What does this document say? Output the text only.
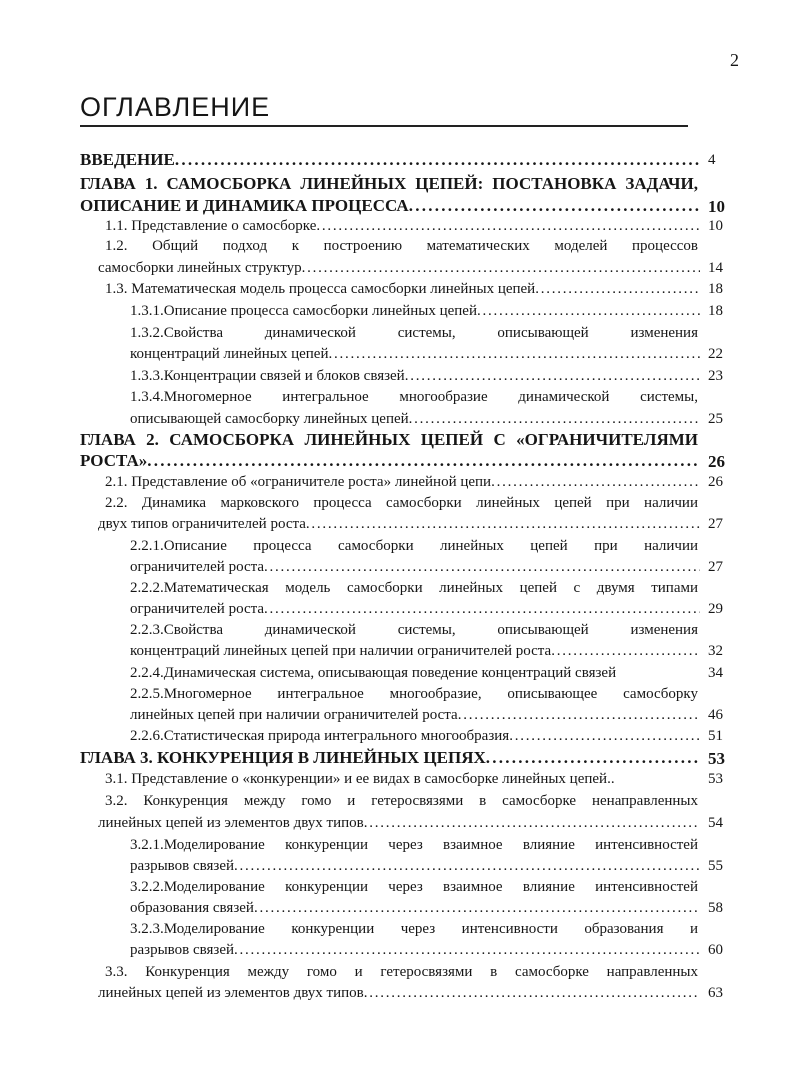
2
ОГЛАВЛЕНИЕ
ВВЕДЕНИЕ . . .	4
ГЛАВА 1. САМОСБОРКА ЛИНЕЙНЫХ ЦЕПЕЙ: ПОСТАНОВКА ЗАДАЧИ,
ОПИСАНИЕ И ДИНАМИКА ПРОЦЕССА . . .	10
1.1. Представление о самосборке . . .	10
1.2. Общий подход к построению математических моделей процессов
самосборки линейных структур . . .	14
1.3. Математическая модель процесса самосборки линейных цепей . . .	18
1.3.1.Описание процесса самосборки линейных цепей . . .	18
1.3.2.Свойства динамической системы, описывающей изменения
концентраций линейных цепей . . .	22
1.3.3.Концентрации связей и блоков связей . . .	23
1.3.4.Многомерное интегральное многообразие динамической системы,
описывающей самосборку линейных цепей . . .	25
ГЛАВА 2. САМОСБОРКА ЛИНЕЙНЫХ ЦЕПЕЙ С «ОГРАНИЧИТЕЛЯМИ
РОСТА» . . .	26
2.1. Представление об «ограничителе роста» линейной цепи . . .	26
2.2. Динамика марковского процесса самосборки линейных цепей при наличии
двух типов ограничителей роста . . .	27
2.2.1.Описание процесса самосборки линейных цепей при наличии
ограничителей роста . . .	27
2.2.2.Математическая модель самосборки линейных цепей с двумя типами
ограничителей роста . . .	29
2.2.3.Свойства динамической системы, описывающей изменения
концентраций линейных цепей при наличии ограничителей роста . . .	32
2.2.4.Динамическая система, описывающая поведение концентраций связей	34
2.2.5.Многомерное интегральное многообразие, описывающее самосборку
линейных цепей при наличии ограничителей роста . . .	46
2.2.6.Статистическая природа интегрального многообразия . . .	51
ГЛАВА 3. КОНКУРЕНЦИЯ В ЛИНЕЙНЫХ ЦЕПЯХ . . .	53
3.1. Представление о «конкуренции» и ее видах в самосборке линейных цепей..	53
3.2. Конкуренция между гомо и гетеросвязями в самосборке ненаправленных
линейных цепей из элементов двух типов . . .	54
3.2.1.Моделирование конкуренции через взаимное влияние интенсивностей
разрывов связей . . .	55
3.2.2.Моделирование конкуренции через взаимное влияние интенсивностей
образования связей . . .	58
3.2.3.Моделирование конкуренции через интенсивности образования и
разрывов связей . . .	60
3.3. Конкуренция между гомо и гетеросвязями в самосборке направленных
линейных цепей из элементов двух типов . . .	63
